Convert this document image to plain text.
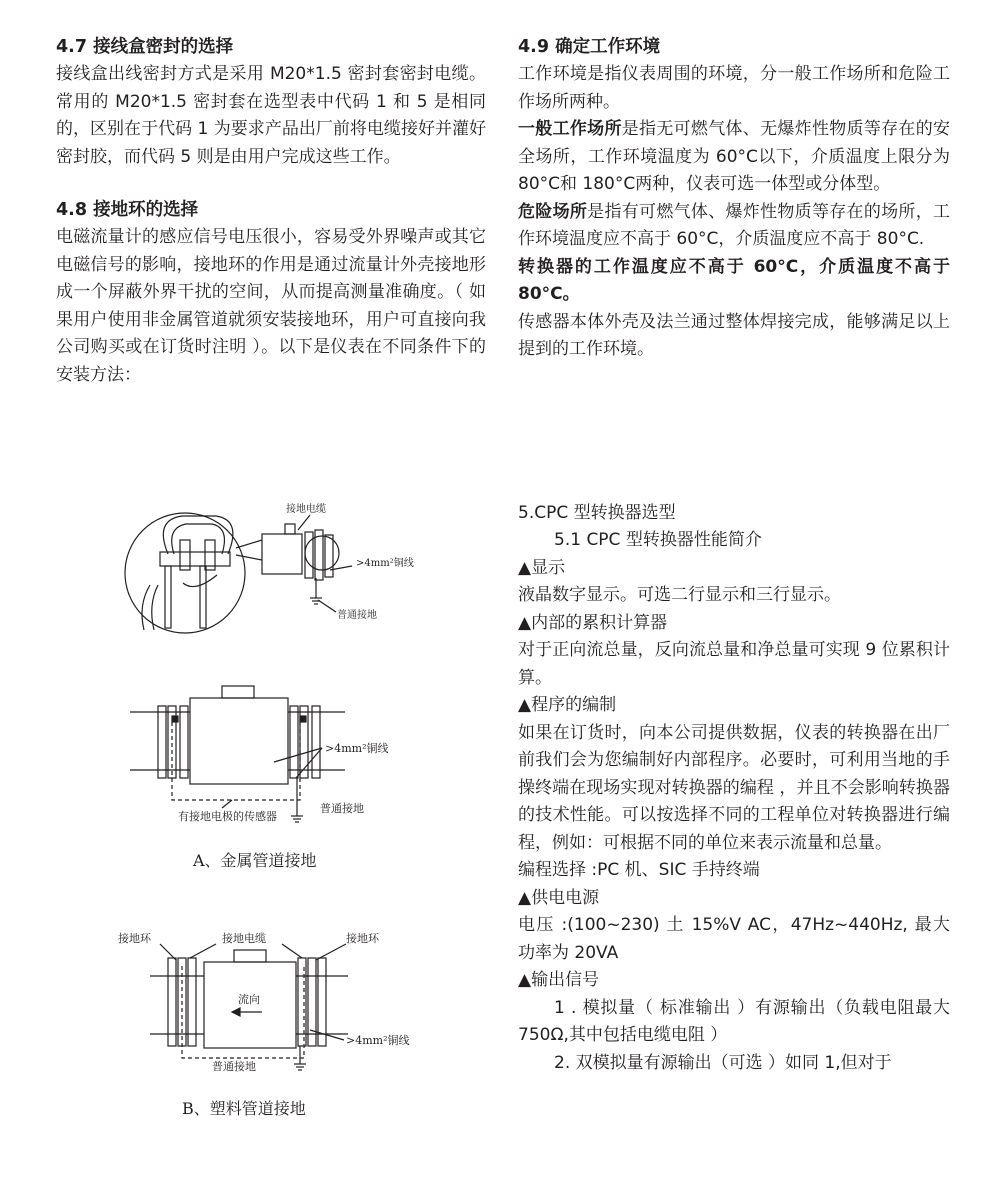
4.7 接线盒密封的选择

接线盒出线密封方式是采用 M20*1.5 密封套密封电缆。常用的 M20*1.5 密封套在选型表中代码 1 和 5 是相同的，区别在于代码 1 为要求产品出厂前将电缆接好并灌好密封胶，而代码 5 则是由用户完成这些工作。

4.8 接地环的选择

电磁流量计的感应信号电压很小，容易受外界噪声或其它电磁信号的影响，接地环的作用是通过流量计外壳接地形成一个屏蔽外界干扰的空间，从而提高测量准确度。（ 如果用户使用非金属管道就须安装接地环，用户可直接向我公司购买或在订货时注明 ）。以下是仪表在不同条件下的安装方法：

接地电缆
>4mm²铜线
普通接地
>4mm²铜线
有接地电极的传感器
普通接地
A、金属管道接地
接地环	接地电缆	接地环
流向
>4mm²铜线
普通接地
B、塑料管道接地

4.9 确定工作环境

工作环境是指仪表周围的环境，分一般工作场所和危险工作场所两种。

一般工作场所是指无可燃气体、无爆炸性物质等存在的安全场所，工作环境温度为 60°C以下，介质温度上限分为 80°C和 180°C两种，仪表可选一体型或分体型。

危险场所是指有可燃气体、爆炸性物质等存在的场所，工作环境温度应不高于 60°C，介质温度应不高于 80°C.

转换器的工作温度应不高于 60°C，介质温度不高于 80°C。

传感器本体外壳及法兰通过整体焊接完成，能够满足以上提到的工作环境。

5.CPC 型转换器选型

5.1 CPC 型转换器性能简介

▲显示

液晶数字显示。可选二行显示和三行显示。

▲内部的累积计算器

对于正向流总量，反向流总量和净总量可实现 9 位累积计算。

▲程序的编制

如果在订货时，向本公司提供数据，仪表的转换器在出厂前我们会为您编制好内部程序。必要时，可利用当地的手操终端在现场实现对转换器的编程 ，并且不会影响转换器的技术性能。可以按选择不同的工程单位对转换器进行编程，例如：可根据不同的单位来表示流量和总量。

编程选择 :PC 机、SIC 手持终端

▲供电电源

电压 :(100~230) 土 15%V AC，47Hz~440Hz, 最大功率为 20VA

▲输出信号

1 . 模拟量（ 标准输出 ）有源输出（负载电阻最大 750Ω,其中包括电缆电阻 ）

2. 双模拟量有源输出（可选 ）如同 1,但对于
